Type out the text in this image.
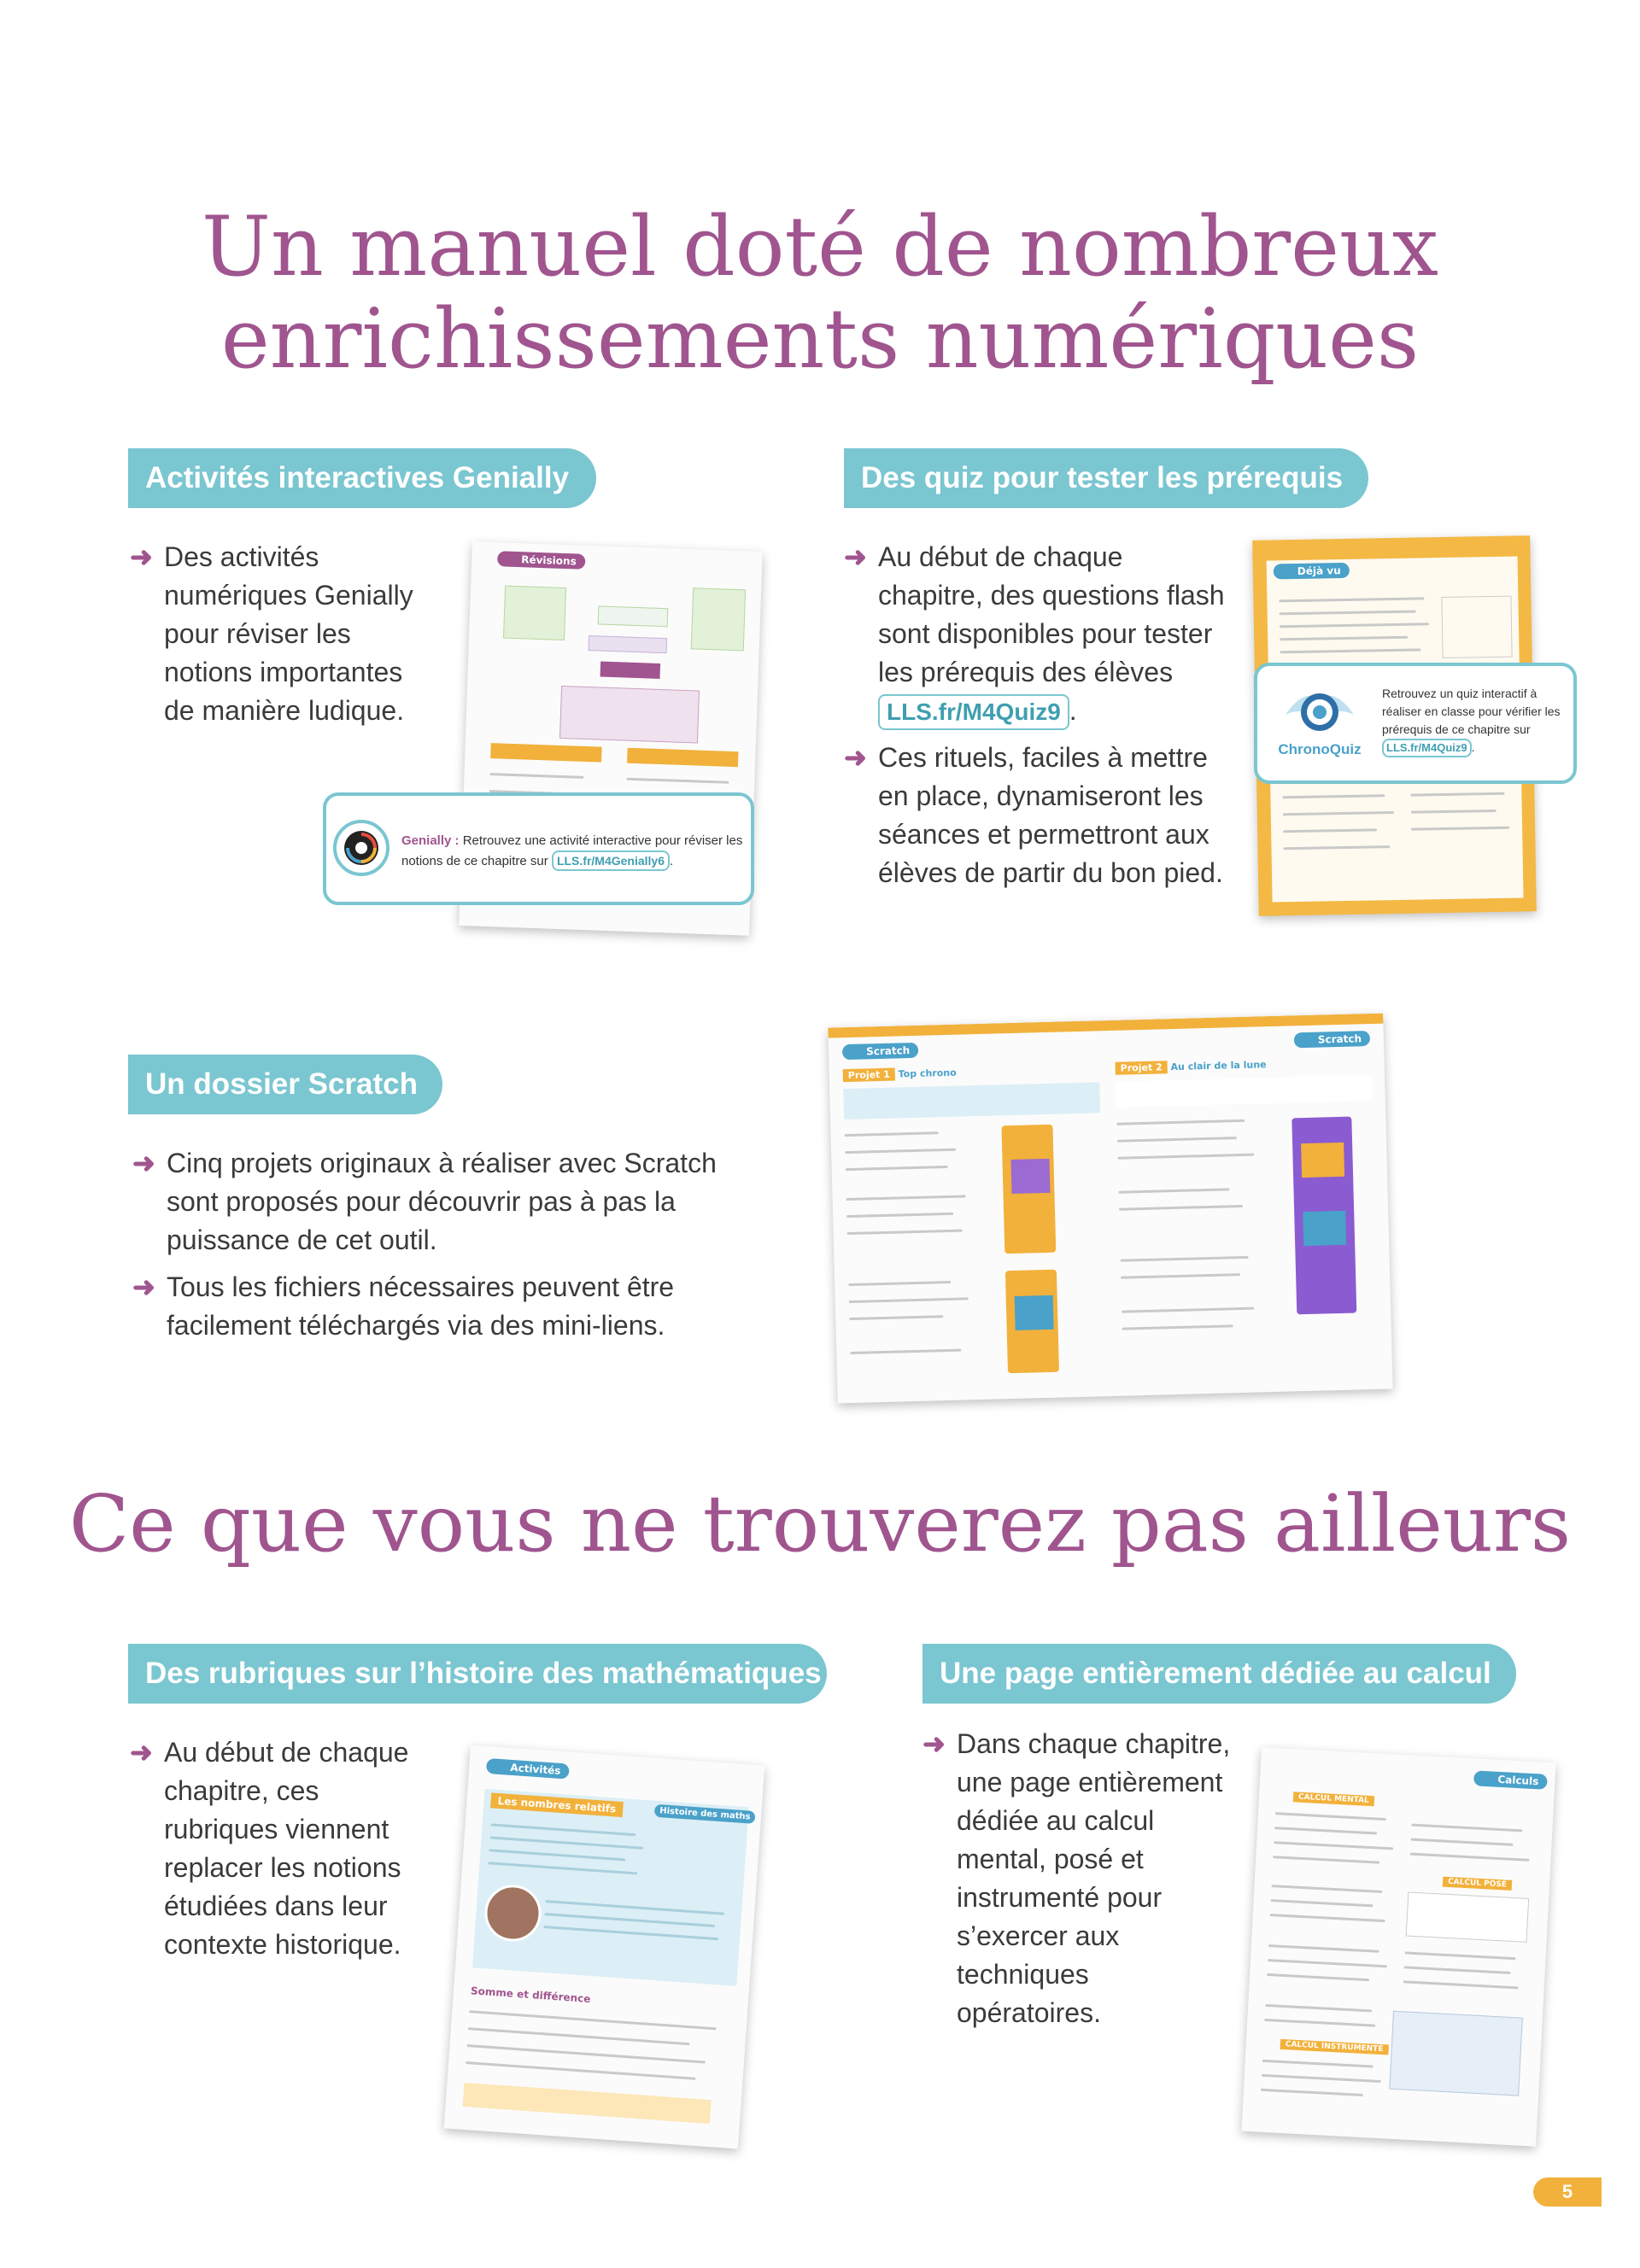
Un manuel doté de nombreux
enrichissements numériques
Activités interactives Genially

➜ Des activités numériques Genially pour réviser les notions importantes de manière ludique.

Révisions
Genially : Retrouvez une activité interactive pour réviser les notions de ce chapitre sur LLS.fr/M4Genially6 .
Des quiz pour tester les prérequis

➜ Au début de chaque chapitre, des questions flash sont disponibles pour tester les prérequis des élèves LLS.fr/M4Quiz9 .

➜ Ces rituels, faciles à mettre en place, dynamiseront les séances et permettront aux élèves de partir du bon pied.

Déjà vu
ChronoQuiz
Retrouvez un quiz interactif à réaliser en classe pour vérifier les prérequis de ce chapitre sur LLS.fr/M4Quiz9 .
Un dossier Scratch

➜ Cinq projets originaux à réaliser avec Scratch sont proposés pour découvrir pas à pas la puissance de cet outil.

➜ Tous les fichiers nécessaires peuvent être facilement téléchargés via des mini-liens.

Scratch
Scratch
Projet 1 Top chrono	Projet 2 Au clair de la lune
Ce que vous ne trouverez pas ailleurs
Des rubriques sur l’histoire des mathématiques

➜ Au début de chaque chapitre, ces rubriques viennent replacer les notions étudiées dans leur contexte historique.

Activités
Les nombres relatifs	Histoire des maths
Somme et différence
Une page entièrement dédiée au calcul

➜ Dans chaque chapitre, une page entièrement dédiée au calcul mental, posé et instrumenté pour s’exercer aux techniques opératoires.

Calculs
CALCUL MENTAL
CALCUL POSÉ
CALCUL INSTRUMENTÉ
5
